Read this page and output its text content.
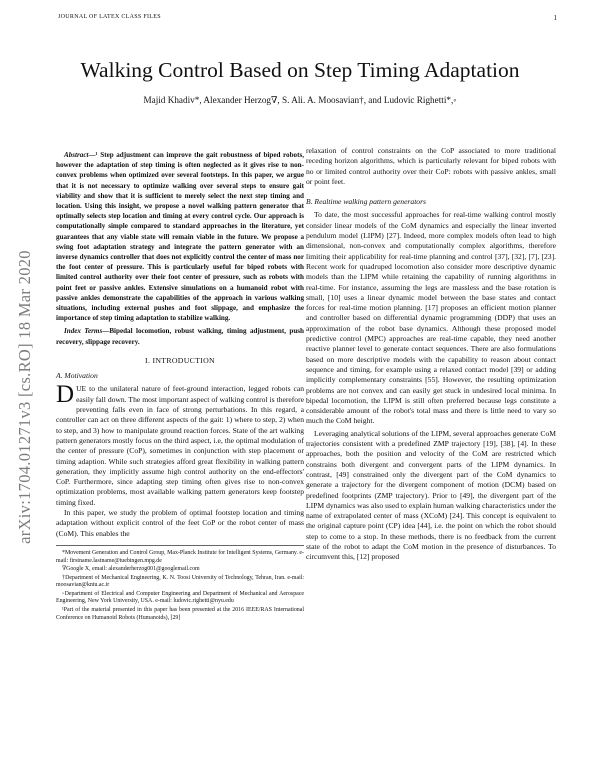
JOURNAL OF LATEX CLASS FILES	1
arXiv:1704.01271v3 [cs.RO] 18 Mar 2020
Walking Control Based on Step Timing Adaptation
Majid Khadiv*, Alexander Herzog∇, S. Ali. A. Moosavian†, and Ludovic Righetti*,◦

Abstract—¹ Step adjustment can improve the gait robustness of biped robots, however the adaptation of step timing is often neglected as it gives rise to non-convex problems when optimized over several footsteps. In this paper, we argue that it is not necessary to optimize walking over several steps to ensure gait viability and show that it is sufficient to merely select the next step timing and location. Using this insight, we propose a novel walking pattern generator that optimally selects step location and timing at every control cycle. Our approach is computationally simple compared to standard approaches in the literature, yet guarantees that any viable state will remain viable in the future. We propose a swing foot adaptation strategy and integrate the pattern generator with an inverse dynamics controller that does not explicitly control the center of mass nor the foot center of pressure. This is particularly useful for biped robots with limited control authority over their foot center of pressure, such as robots with point feet or passive ankles. Extensive simulations on a humanoid robot with passive ankles demonstrate the capabilities of the approach in various walking situations, including external pushes and foot slippage, and emphasize the importance of step timing adaptation to stabilize walking.

Index Terms—Bipedal locomotion, robust walking, timing adjustment, push recovery, slippage recovery.

I. INTRODUCTION
A. Motivation

DUE to the unilateral nature of feet-ground interaction, legged robots can easily fall down. The most important aspect of walking control is therefore preventing falls even in face of strong perturbations. In this regard, a controller can act on three different aspects of the gait: 1) where to step, 2) when to step, and 3) how to manipulate ground reaction forces. State of the art walking pattern generators mostly focus on the third aspect, i.e, the optimal modulation of the center of pressure (CoP), sometimes in conjunction with step placement or timing adaption. While such strategies afford great flexibility in walking pattern generation, they implicitly assume high control authority on the end-effectors' CoP. Furthermore, since adapting step timing often gives rise to non-convex optimization problems, most available walking pattern generators keep footstep timing fixed.

In this paper, we study the problem of optimal footstep location and timing adaptation without explicit control of the feet CoP or the robot center of mass (CoM). This enables the

*Movement Generation and Control Group, Max-Planck Institute for Intelligent Systems, Germany. e-mail: firstname.lastname@tuebingen.mpg.de

∇Google X, email: alexanderherzog001@googlemail.com

†Department of Mechanical Engineering, K. N. Toosi University of Technology, Tehran, Iran. e-mail: moosavian@kntu.ac.ir

◦Department of Electrical and Computer Engineering and Department of Mechanical and Aerospace Engineering, New York University, USA. e-mail: ludovic.righetti@nyu.edu

¹Part of the material presented in this paper has been presented at the 2016 IEEE/RAS International Conference on Humanoid Robots (Humanoids), [29]

relaxation of control constraints on the CoP associated to more traditional receding horizon algorithms, which is particularly relevant for biped robots with no or limited control authority over their CoP: robots with passive ankles, small or point feet.

B. Realtime walking pattern generators

To date, the most successful approaches for real-time walking control mostly consider linear models of the CoM dynamics and especially the linear inverted pendulum model (LIPM) [27]. Indeed, more complex models often lead to high dimensional, non-convex and computationally complex algorithms, therefore limiting their applicability for real-time planning and control [37], [32], [7], [23]. Recent work for quadruped locomotion also consider more descriptive dynamic models than the LIPM while retaining the capability of running algorithms in real-time. For instance, assuming the legs are massless and the base rotation is small, [10] uses a linear dynamic model between the base states and contact forces for real-time motion planning. [17] proposes an efficient motion planner and controller based on differential dynamic programming (DDP) that uses an approximation of the robot base dynamics. Although these proposed model predictive control (MPC) approaches are real-time capable, they need another reactive planner level to generate contact sequences. There are also formulations based on more descriptive models with the capability to reason about contact sequence and timing, for example using a relaxed contact model [39] or adding implicitly complementary constraints [55]. However, the resulting optimization problems are not convex and can easily get stuck in undesired local minima. In bipedal locomotion, the LIPM is still often preferred because legs constitute a considerable amount of the robot's total mass and there is little need to vary so much the CoM height.

Leveraging analytical solutions of the LIPM, several approaches generate CoM trajectories consistent with a predefined ZMP trajectory [19], [38], [4]. In these approaches, both the position and velocity of the CoM are restricted which constrains both divergent and convergent parts of the LIPM dynamics. In contrast, [49] constrained only the divergent part of the CoM dynamics to generate a trajectory for the divergent component of motion (DCM) based on predefined footprints (ZMP trajectory). Prior to [49], the divergent part of the LIPM dynamics was also used to explain human walking characteristics under the name of extrapolated center of mass (XCoM) [24]. This concept is equivalent to the original capture point (CP) idea [44], i.e. the point on which the robot should step to come to a stop. In these methods, there is no feedback from the current state of the robot to adapt the CoM motion in the presence of disturbances. To circumvent this, [12] proposed
